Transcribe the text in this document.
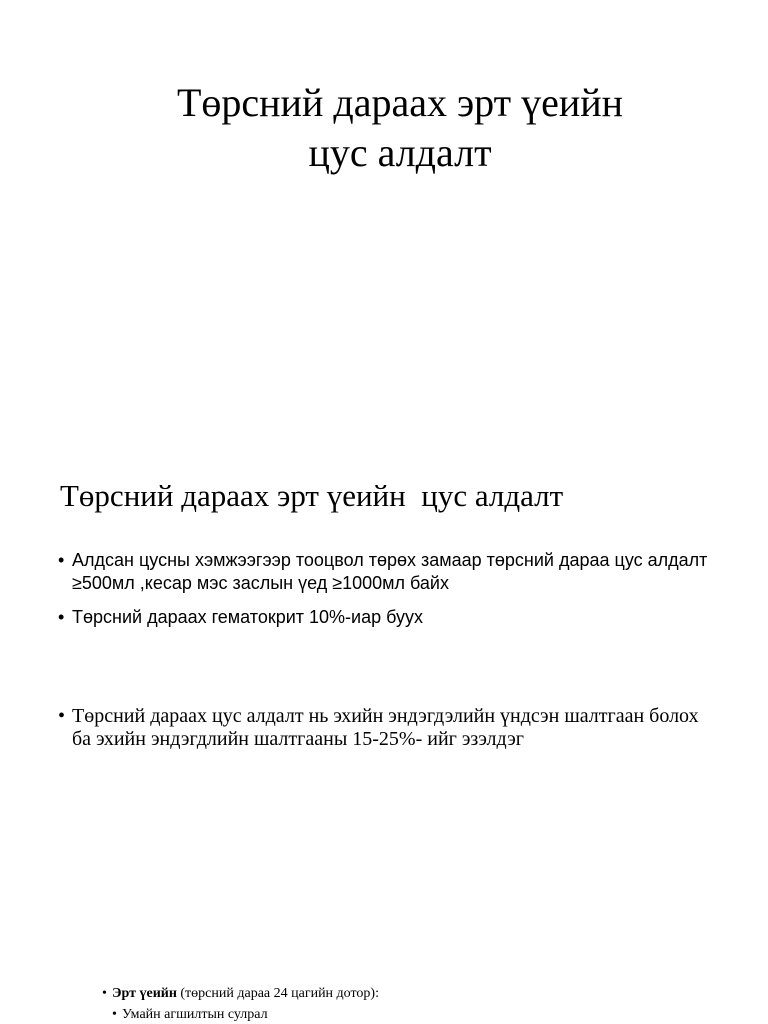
Төрсний дараах эрт үеийн
цус алдалт
Төрсний дараах эрт үеийн  цус алдалт
• Алдсан цусны хэмжээгээр тооцвол төрөх замаар төрсний дараа цус алдалт ≥500мл ,кесар мэс заслын үед ≥1000мл байх
• Төрсний дараах гематокрит 10%-иар буух
• Төрсний дараах цус алдалт нь эхийн эндэгдэлийн үндсэн шалтгаан болох ба эхийн эндэгдлийн шалтгааны 15-25%- ийг эзэлдэг
• Эрт үеийн (төрсний дараа 24 цагийн дотор):
• Умайн агшилтын сулрал
